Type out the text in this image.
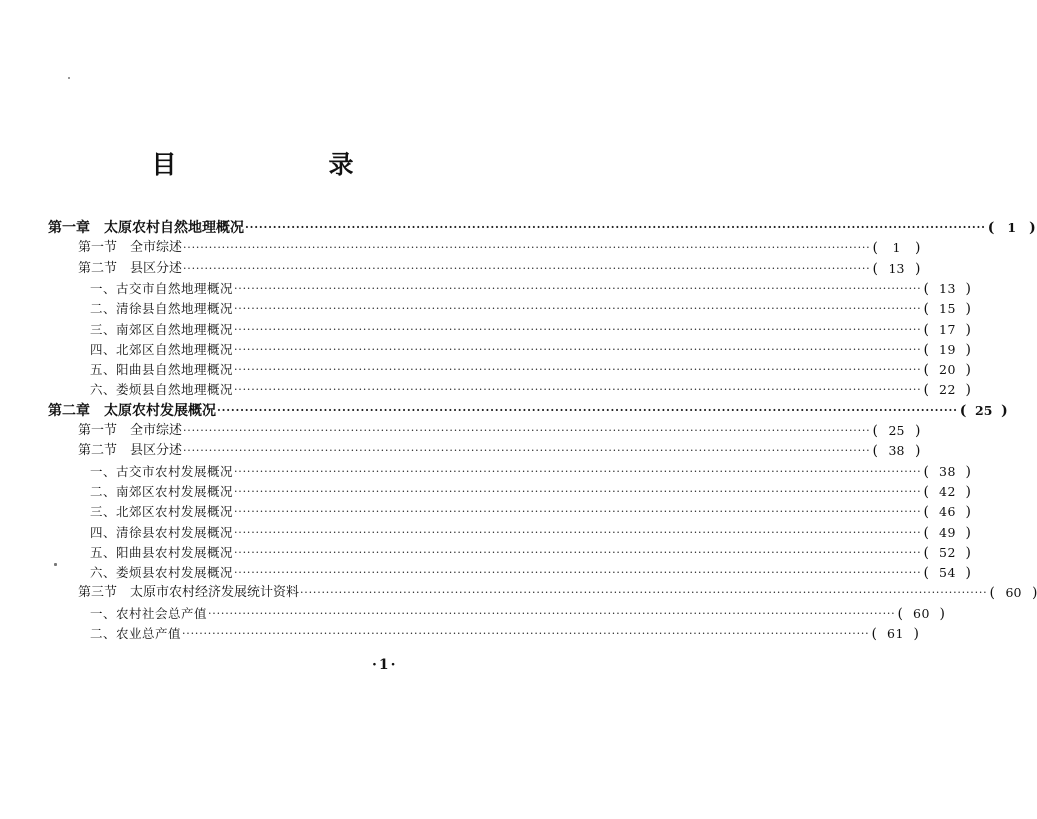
目　　录
第一章　太原农村自然地理概况 ································································································································································ (	1 )
第一节　全市综述 ································································································································································ (	1	)
第二节　县区分述 ································································································································································ ( 13 )
一、古交市自然地理概况 ································································································································································ ( 13 )
二、清徐县自然地理概况 ································································································································································ ( 15 )
三、南郊区自然地理概况 ································································································································································ ( 17 )
四、北郊区自然地理概况 ································································································································································ ( 19 )
五、阳曲县自然地理概况 ································································································································································ ( 20 )
六、娄烦县自然地理概况 ································································································································································ ( 22 )
第二章　太原农村发展概况 ································································································································································ ( 25 )
第一节　全市综述 ································································································································································ ( 25 )
第二节　县区分述 ································································································································································ ( 38 )
一、古交市农村发展概况 ································································································································································ ( 38 )
二、南郊区农村发展概况 ································································································································································ ( 42 )
三、北郊区农村发展概况 ································································································································································ ( 46 )
四、清徐县农村发展概况 ································································································································································ ( 49 )
五、阳曲县农村发展概况 ································································································································································ ( 52 )
六、娄烦县农村发展概况 ································································································································································ ( 54 )
第三节　太原市农村经济发展统计资料 ································································································································································ ( 60 )
一、农村社会总产值 ································································································································································ ( 60 )
二、农业总产值 ································································································································································ ( 61 )
·1·
